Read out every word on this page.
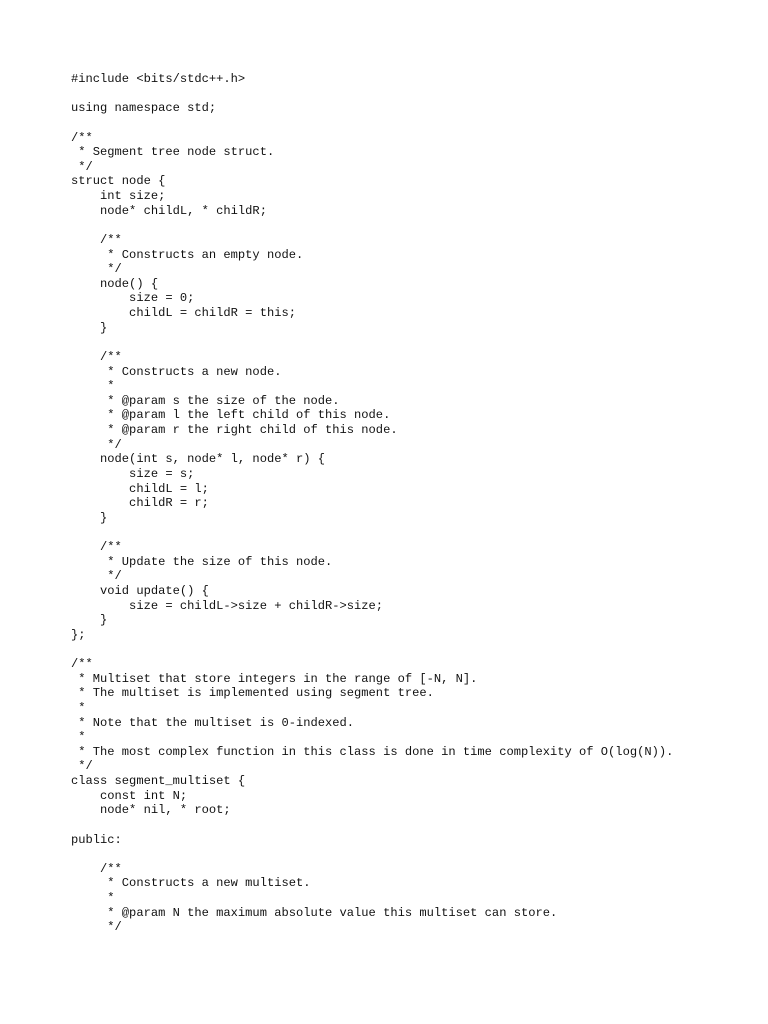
#include <bits/stdc++.h>
using namespace std;
/**
* Segment tree node struct.
*/
struct node {
int size;
node* childL, * childR;
/**
* Constructs an empty node.
*/
node() {
size = 0;
childL = childR = this;
}
/**
* Constructs a new node.
*
* @param s the size of the node.
* @param l the left child of this node.
* @param r the right child of this node.
*/
node(int s, node* l, node* r) {
size = s;
childL = l;
childR = r;
}
/**
* Update the size of this node.
*/
void update() {
size = childL->size + childR->size;
}
};
/**
* Multiset that store integers in the range of [-N, N].
* The multiset is implemented using segment tree.
*
* Note that the multiset is 0-indexed.
*
* The most complex function in this class is done in time complexity of O(log(N)).
*/
class segment_multiset {
const int N;
node* nil, * root;
public:
/**
* Constructs a new multiset.
*
* @param N the maximum absolute value this multiset can store.
*/
